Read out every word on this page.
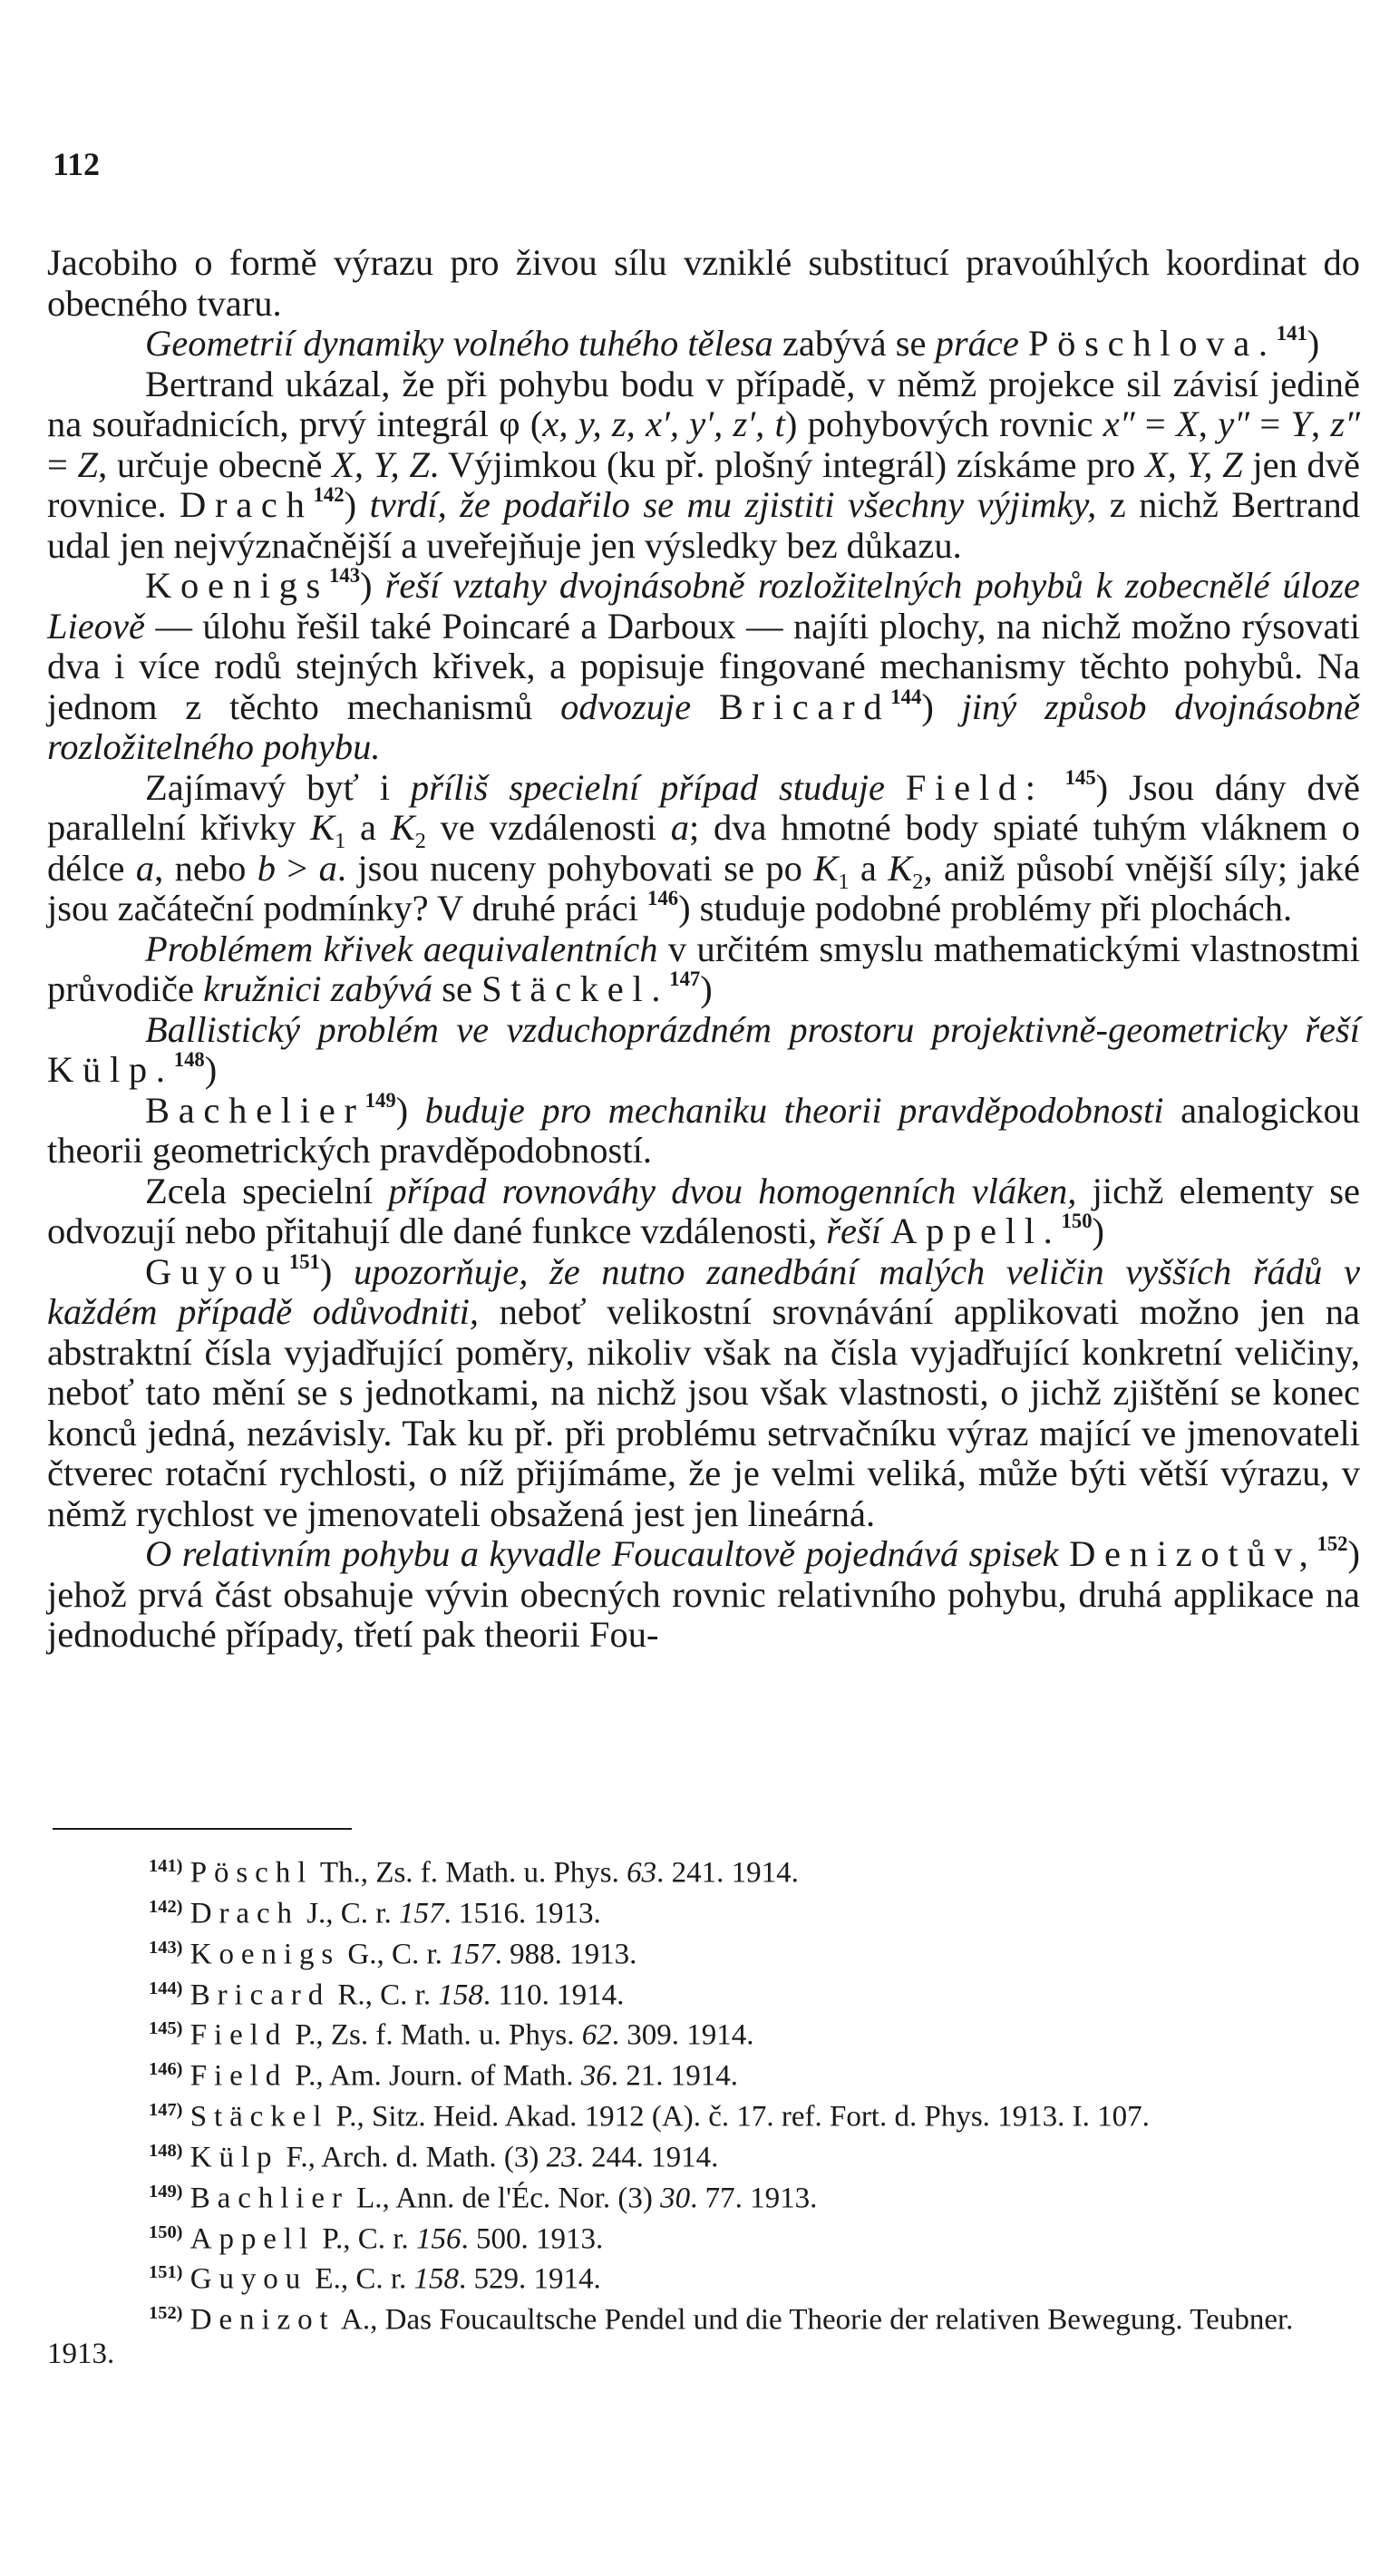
112

Jacobiho o formě výrazu pro živou sílu vzniklé substitucí pravoúhlých koordinat do obecného tvaru.

Geometrií dynamiky volného tuhého tělesa zabývá se práce Pöschlova.$^{141}$)

Bertrand ukázal, že při pohybu bodu v případě, v němž projekce sil závisí jedině na souřadnicích, prvý integrál φ (x, y, z, x′, y′, z′, t) pohybových rovnic x″ = X, y″ = Y, z″ = Z, určuje obecně X, Y, Z. Výjimkou (ku př. plošný integrál) získáme pro X, Y, Z jen dvě rovnice. Drach$^{142}$) tvrdí, že podařilo se mu zjistiti všechny výjimky, z nichž Bertrand udal jen nejvýznačnější a uveřejňuje jen výsledky bez důkazu.

Koenigs$^{143}$) řeší vztahy dvojnásobně rozložitelných pohybů k zobecnělé úloze Lieově — úlohu řešil také Poincaré a Darboux — najíti plochy, na nichž možno rýsovati dva i více rodů stejných křivek, a popisuje fingované mechanismy těchto pohybů. Na jednom z těchto mechanismů odvozuje Bricard$^{144}$) jiný způsob dvojnásobně rozložitelného pohybu.

Zajímavý byť i příliš specielní případ studuje Field: $^{145}$) Jsou dány dvě parallelní křivky $K_1$ a $K_2$ ve vzdálenosti a; dva hmotné body spiaté tuhým vláknem o délce a, nebo b > a. jsou nuceny pohybovati se po $K_1$ a $K_2$, aniž působí vnější síly; jaké jsou začáteční podmínky? V druhé práci $^{146}$) studuje podobné problémy při plochách.

Problémem křivek aequivalentních v určitém smyslu mathematickými vlastnostmi průvodiče kružnici zabývá se Stäckel.$^{147}$)

Ballistický problém ve vzduchoprázdném prostoru projektivně-geometricky řeší Külp.$^{148}$)

Bachelier$^{149}$) buduje pro mechaniku theorii pravděpodobnosti analogickou theorii geometrických pravděpodobností.

Zcela specielní případ rovnováhy dvou homogenních vláken, jichž elementy se odvozují nebo přitahují dle dané funkce vzdálenosti, řeší Appell.$^{150}$)

Guyou$^{151}$) upozorňuje, že nutno zanedbání malých veličin vyšších řádů v každém případě odůvodniti, neboť velikostní srovnávání applikovati možno jen na abstraktní čísla vyjadřující poměry, nikoliv však na čísla vyjadřující konkretní veličiny, neboť tato mění se s jednotkami, na nichž jsou však vlastnosti, o jichž zjištění se konec konců jedná, nezávisly. Tak ku př. při problému setrvačníku výraz mající ve jmenovateli čtverec rotační rychlosti, o níž přijímáme, že je velmi veliká, může býti větší výrazu, v němž rychlost ve jmenovateli obsažená jest jen lineárná.

O relativním pohybu a kyvadle Foucaultově pojednává spisek Denizotův,$^{152}$) jehož prvá část obsahuje vývin obecných rovnic relativního pohybu, druhá applikace na jednoduché případy, třetí pak theorii Fou-

$^{141)}$ Pöschl Th., Zs. f. Math. u. Phys. 63. 241. 1914.
$^{142)}$ Drach J., C. r. 157. 1516. 1913.
$^{143)}$ Koenigs G., C. r. 157. 988. 1913.
$^{144)}$ Bricard R., C. r. 158. 110. 1914.
$^{145)}$ Field P., Zs. f. Math. u. Phys. 62. 309. 1914.
$^{146)}$ Field P., Am. Journ. of Math. 36. 21. 1914.
$^{147)}$ Stäckel P., Sitz. Heid. Akad. 1912 (A). č. 17. ref. Fort. d. Phys. 1913. I. 107.
$^{148)}$ Külp F., Arch. d. Math. (3) 23. 244. 1914.
$^{149)}$ Bachlier L., Ann. de l'Éc. Nor. (3) 30. 77. 1913.
$^{150)}$ Appell P., C. r. 156. 500. 1913.
$^{151)}$ Guyou E., C. r. 158. 529. 1914.
$^{152)}$ Denizot A., Das Foucaultsche Pendel und die Theorie der relativen Bewegung. Teubner. 1913.
